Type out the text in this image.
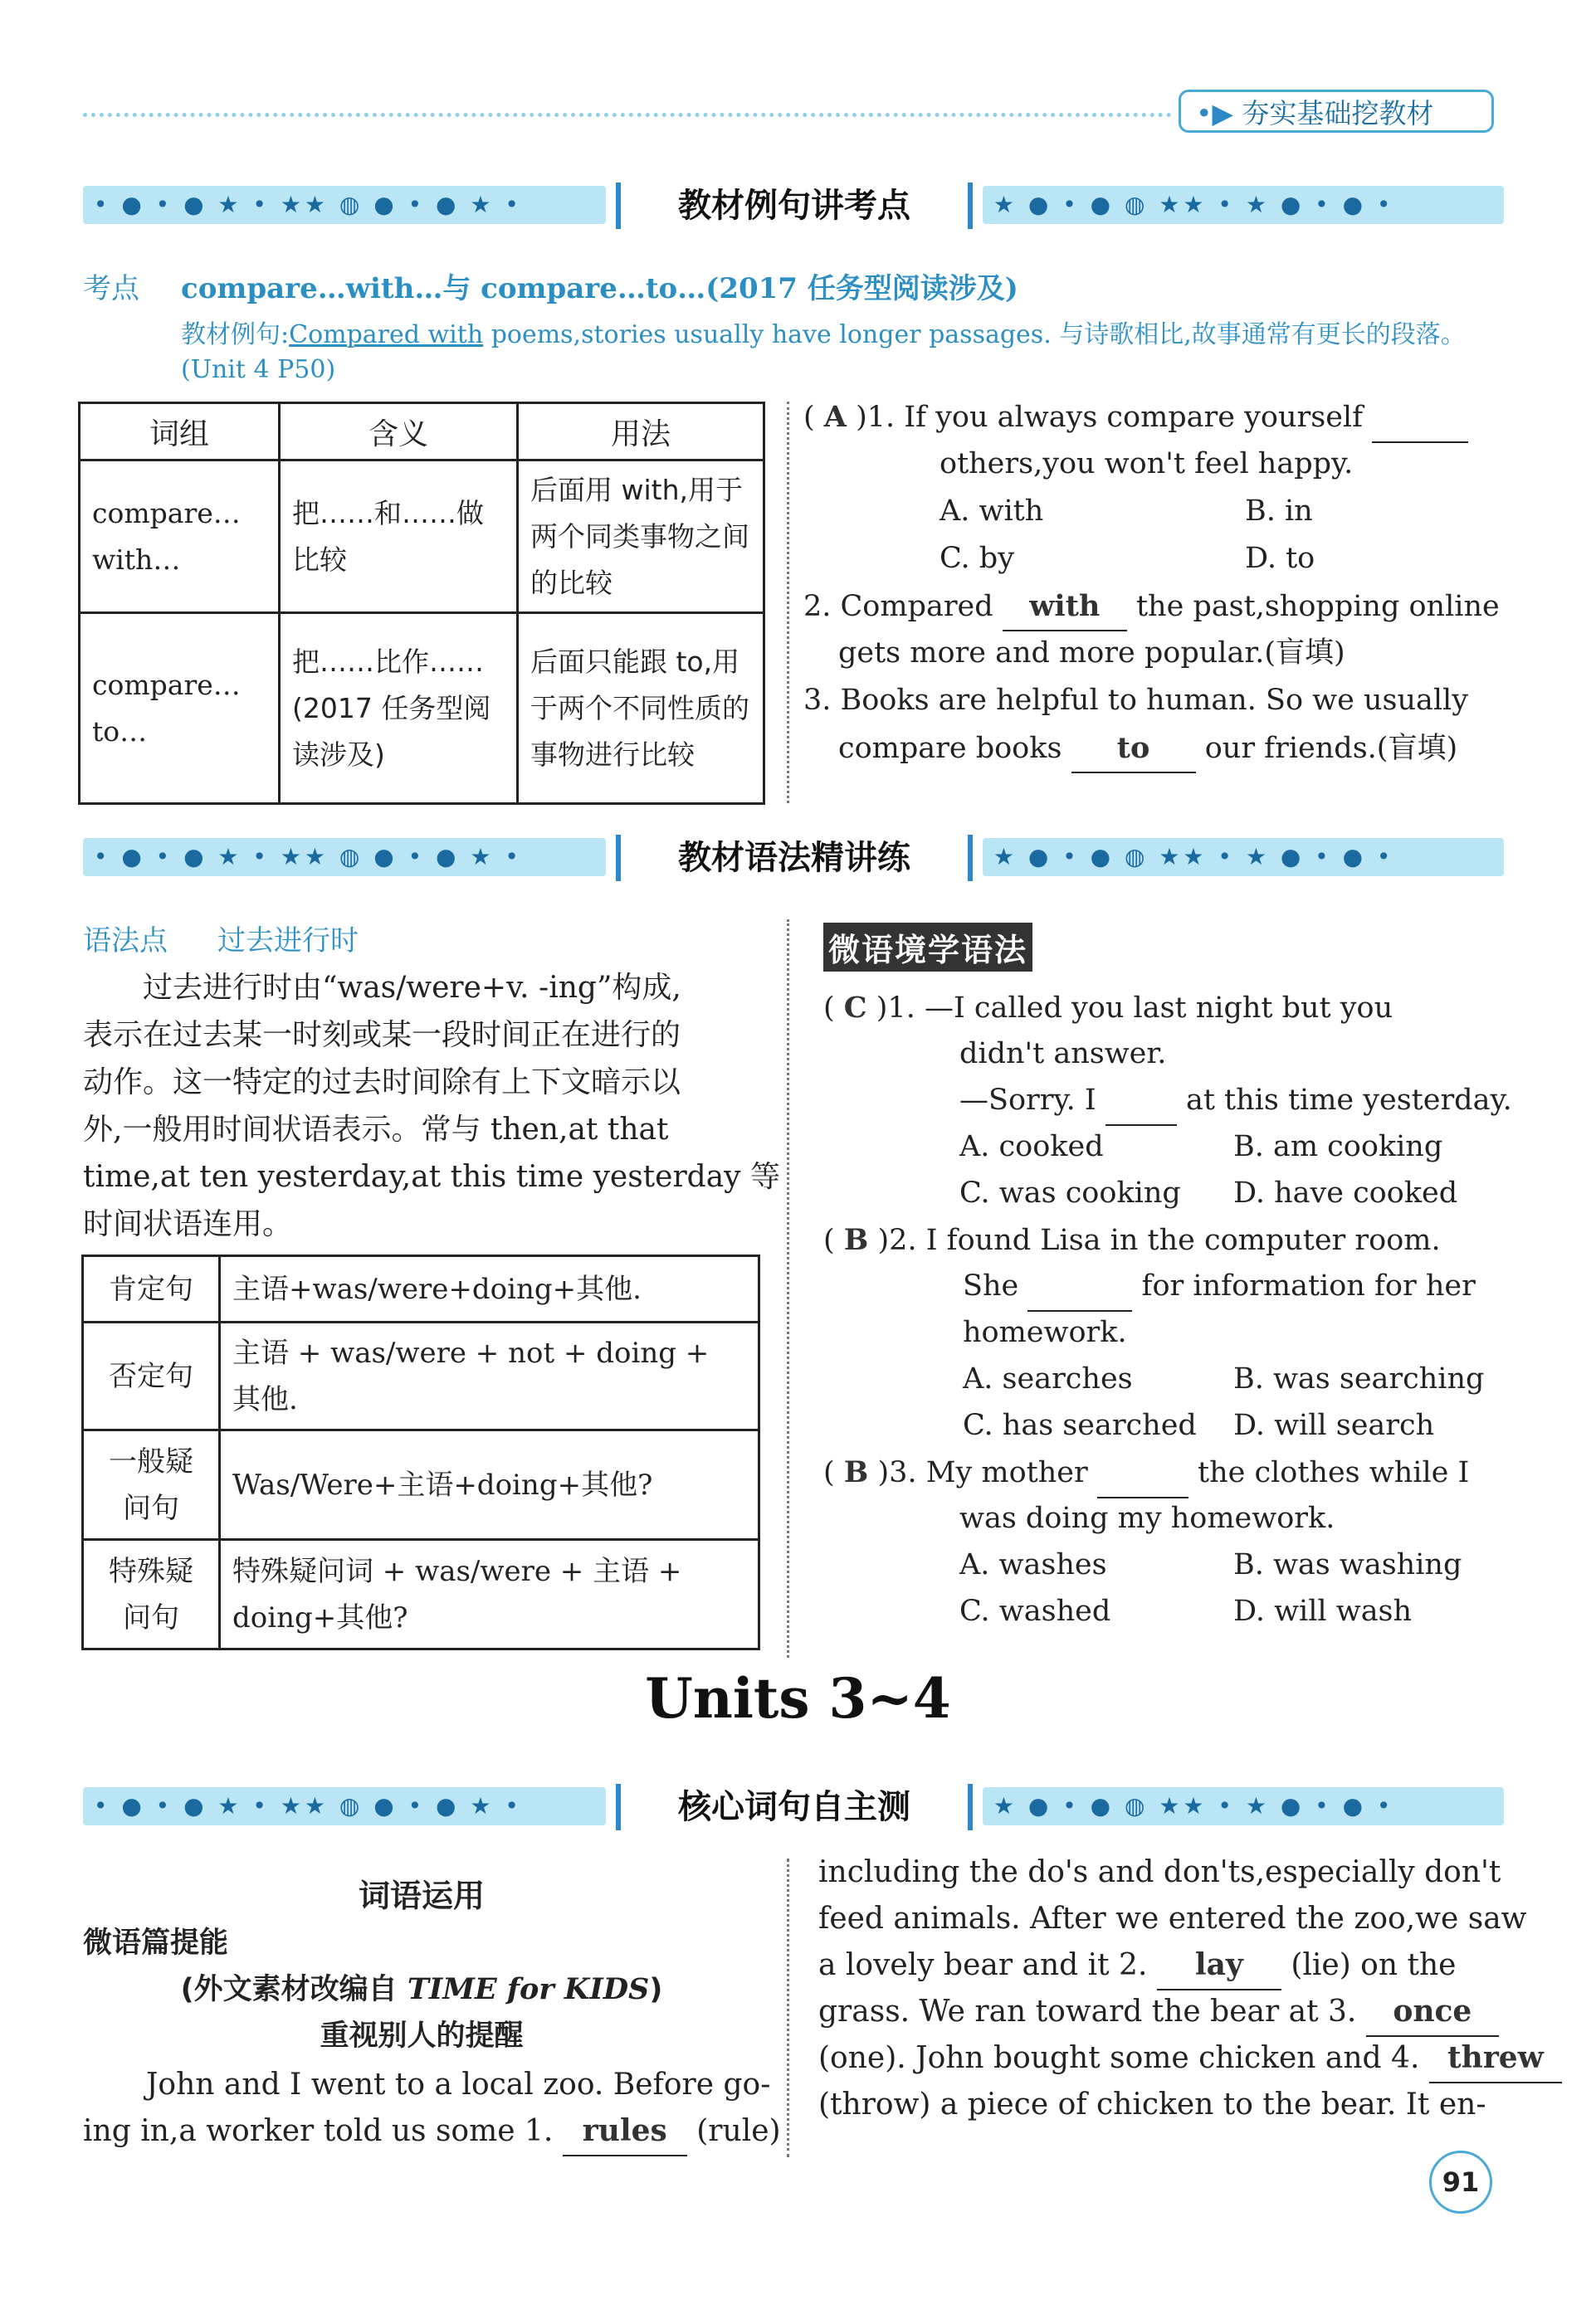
•▶ 夯实基础挖教材
• ● • ● ★ • ★★ ◍ ● • ● ★ •	教材例句讲考点	★ ● • ● ◍ ★★ • ★ ● • ● •
考点 compare…with…与 compare…to…(2017 任务型阅读涉及)
教材例句:Compared with poems,stories usually have longer passages. 与诗歌相比,故事通常有更长的段落。
(Unit 4 P50)
词组	含义	用法
compare…with…	把……和……做比较	后面用 with,用于两个同类事物之间的比较
compare…to…	把……比作……(2017 任务型阅读涉及)	后面只能跟 to,用于两个不同性质的事物进行比较
( A )1. If you always compare yourself
others,you won't feel happy.
A. with	B. in
C. by	D. to
2. Compared with the past,shopping online
gets more and more popular.(盲填)
3. Books are helpful to human. So we usually
compare books to our friends.(盲填)
• ● • ● ★ • ★★ ◍ ● • ● ★ •	教材语法精讲练	★ ● • ● ◍ ★★ • ★ ● • ● •
语法点 过去进行时
过去进行时由“was/were+v. -ing”构成,
表示在过去某一时刻或某一段时间正在进行的
动作。这一特定的过去时间除有上下文暗示以
外,一般用时间状语表示。常与 then,at that
time,at ten yesterday,at this time yesterday 等
时间状语连用。
肯定句	主语+was/were+doing+其他.
否定句	主语 + was/were + not + doing + 其他.
一般疑问句	Was/Were+主语+doing+其他?
特殊疑问句	特殊疑问词 + was/were + 主语 + doing+其他?
微语境学语法
( C )1. —I called you last night but you
didn't answer.
—Sorry. I	at this time yesterday.
A. cooked	B. am cooking
C. was cooking D. have cooked
( B )2. I found Lisa in the computer room.
She	for information for her
homework.
A. searches	B. was searching
C. has searched D. will search
( B )3. My mother	the clothes while I
was doing my homework.
A. washes	B. was washing
C. washed	D. will wash
Units 3~4
• ● • ● ★ • ★★ ◍ ● • ● ★ •	核心词句自主测	★ ● • ● ◍ ★★ • ★ ● • ● •
词语运用
微语篇提能
(外文素材改编自 TIME for KIDS)
重视别人的提醒
John and I went to a local zoo. Before go-
ing in,a worker told us some 1. rules (rule)
including the do's and don'ts,especially don't
feed animals. After we entered the zoo,we saw
a lovely bear and it 2. lay (lie) on the
grass. We ran toward the bear at 3. once
(one). John bought some chicken and 4. threw
(throw) a piece of chicken to the bear. It en-
91
